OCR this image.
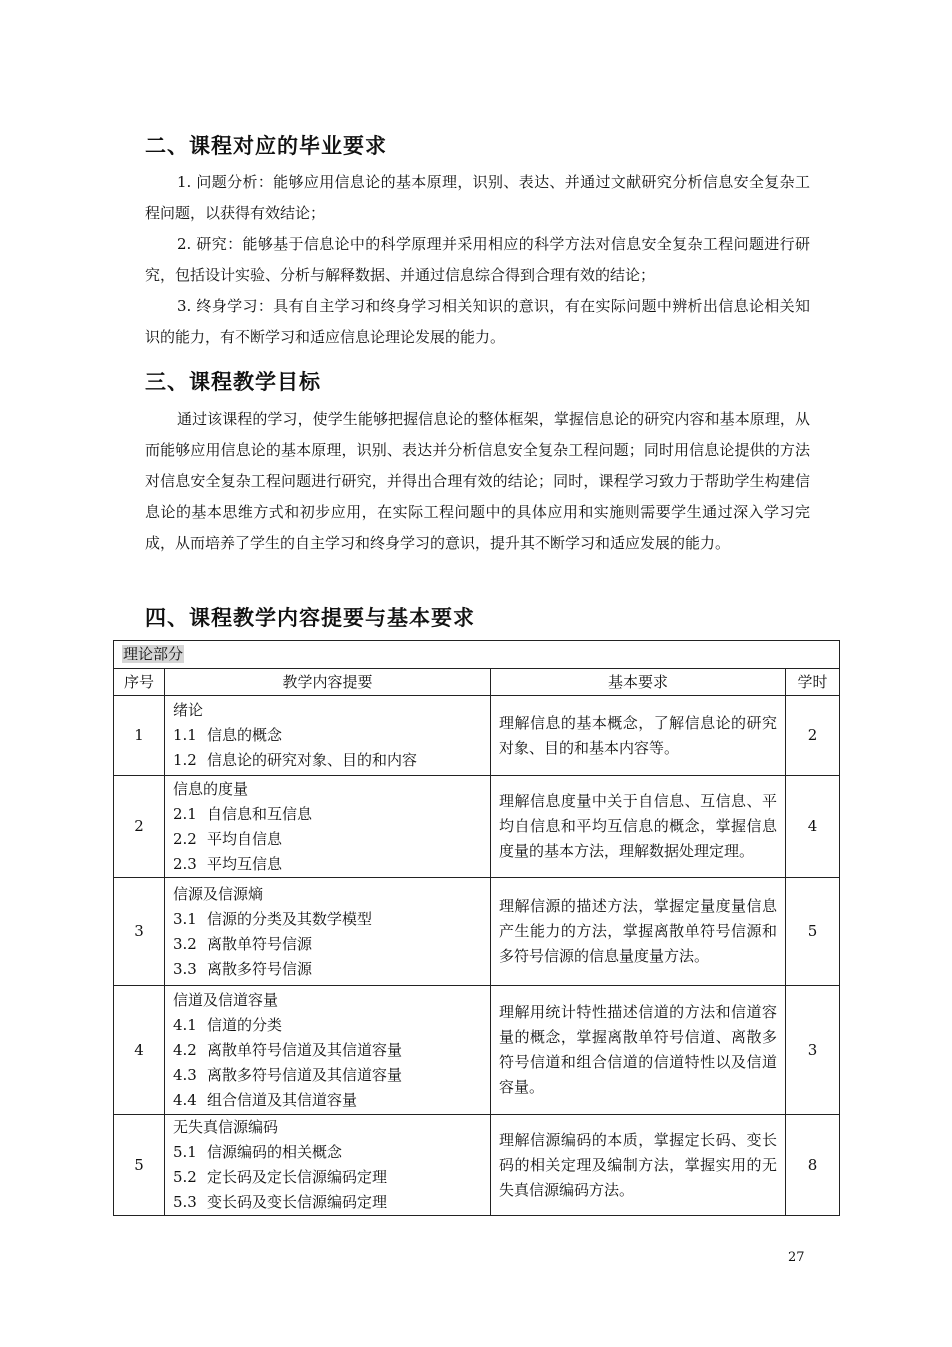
二、课程对应的毕业要求

1. 问题分析：能够应用信息论的基本原理，识别、表达、并通过文献研究分析信息安全复杂工程问题，以获得有效结论；

2. 研究：能够基于信息论中的科学原理并采用相应的科学方法对信息安全复杂工程问题进行研究，包括设计实验、分析与解释数据、并通过信息综合得到合理有效的结论；

3. 终身学习：具有自主学习和终身学习相关知识的意识，有在实际问题中辨析出信息论相关知识的能力，有不断学习和适应信息论理论发展的能力。

三、课程教学目标

通过该课程的学习，使学生能够把握信息论的整体框架，掌握信息论的研究内容和基本原理，从而能够应用信息论的基本原理，识别、表达并分析信息安全复杂工程问题；同时用信息论提供的方法对信息安全复杂工程问题进行研究，并得出合理有效的结论；同时，课程学习致力于帮助学生构建信息论的基本思维方式和初步应用，在实际工程问题中的具体应用和实施则需要学生通过深入学习完成，从而培养了学生的自主学习和终身学习的意识，提升其不断学习和适应发展的能力。

四、课程教学内容提要与基本要求
理论部分			
序号	教学内容提要	基本要求	学时
1	绪论
1.1 信息的概念
1.2 信息论的研究对象、目的和内容	理解信息的基本概念，了解信息论的研究对象、目的和基本内容等。	2
2	信息的度量
2.1 自信息和互信息
2.2 平均自信息
2.3 平均互信息	理解信息度量中关于自信息、互信息、平均自信息和平均互信息的概念，掌握信息度量的基本方法，理解数据处理定理。	4
3	信源及信源熵
3.1 信源的分类及其数学模型
3.2 离散单符号信源
3.3 离散多符号信源	理解信源的描述方法，掌握定量度量信息产生能力的方法，掌握离散单符号信源和多符号信源的信息量度量方法。	5
4	信道及信道容量
4.1 信道的分类
4.2 离散单符号信道及其信道容量
4.3 离散多符号信道及其信道容量
4.4 组合信道及其信道容量	理解用统计特性描述信道的方法和信道容量的概念，掌握离散单符号信道、离散多符号信道和组合信道的信道特性以及信道容量。	3
5	无失真信源编码
5.1 信源编码的相关概念
5.2 定长码及定长信源编码定理
5.3 变长码及变长信源编码定理	理解信源编码的本质，掌握定长码、变长码的相关定理及编制方法，掌握实用的无失真信源编码方法。	8
27
